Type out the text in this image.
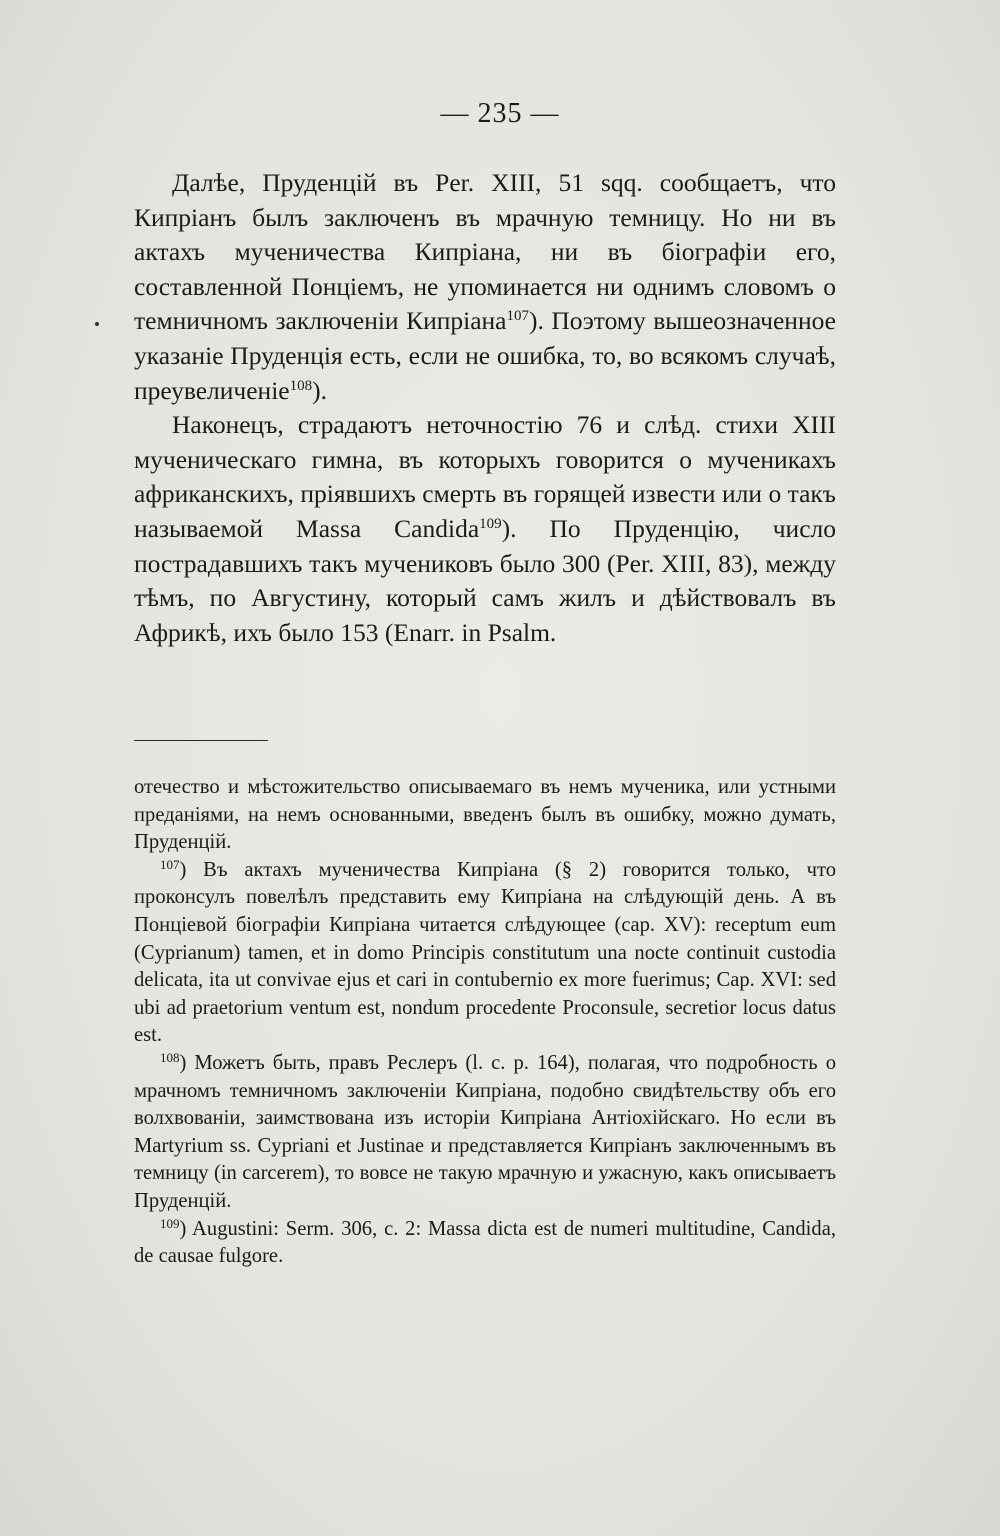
— 235 —

Далѣе, Пруденцій въ Per. XIII, 51 sqq. сообщаетъ, что Кипріанъ былъ заключенъ въ мрачную темницу. Но ни въ актахъ мученичества Кипріана, ни въ біографіи его, составленной Понціемъ, не упоминается ни однимъ словомъ о темничномъ заключеніи Кипріана$^{107}$). Поэтому вышеозначенное указаніе Пруденція есть, если не ошибка, то, во всякомъ случаѣ, преувеличеніе$^{108}$).

Наконецъ, страдаютъ неточностію 76 и слѣд. стихи XIII мученическаго гимна, въ которыхъ говорится о мученикахъ африканскихъ, пріявшихъ смерть въ горящей извести или о такъ называемой Massa Candida$^{109}$). По Пруденцію, число пострадавшихъ такъ мучениковъ было 300 (Per. XIII, 83), между тѣмъ, по Августину, который самъ жилъ и дѣйствовалъ въ Африкѣ, ихъ было 153 (Enarr. in Psalm.

отечество и мѣстожительство описываемаго въ немъ мученика, или устными преданіями, на немъ основанными, введенъ былъ въ ошибку, можно думать, Пруденцій.

$^{107}$) Въ актахъ мученичества Кипріана (§ 2) говорится только, что проконсулъ повелѣлъ представить ему Кипріана на слѣдующій день. А въ Понціевой біографіи Кипріана читается слѣдующее (cap. XV): receptum eum (Cyprianum) tamen, et in domo Principis constitutum una nocte continuit custodia delicata, ita ut convivae ejus et cari in contubernio ex more fuerimus; Cap. XVI: sed ubi ad praetorium ventum est, nondum procedente Proconsule, secretior locus datus est.

$^{108}$) Можетъ быть, правъ Реслеръ (l. c. p. 164), полагая, что подробность о мрачномъ темничномъ заключеніи Кипріана, подобно свидѣтельству объ его волхвованіи, заимствована изъ исторіи Кипріана Антіохійскаго. Но если въ Martyrium ss. Cypriani et Justinae и представляется Кипріанъ заключеннымъ въ темницу (in carcerem), то вовсе не такую мрачную и ужасную, какъ описываетъ Пруденцій.

$^{109}$) Augustini: Serm. 306, c. 2: Massa dicta est de numeri multitudine, Candida, de causae fulgore.
